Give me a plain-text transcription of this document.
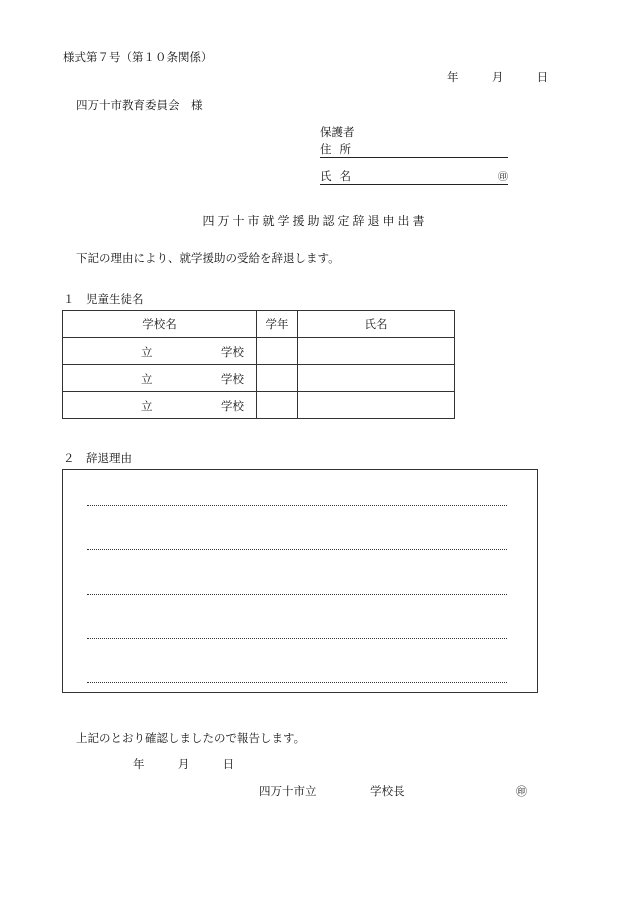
様式第７号（第１０条関係）
年	月	日
四万十市教育委員会　様
保護者
住所
氏名	㊞
四万十市就学援助認定辞退申出書
下記の理由により、就学援助の受給を辞退します。
１　児童生徒名
学校名	学年	氏名

立 学校		

立 学校		

立 学校		

２　辞退理由
上記のとおり確認しましたので報告します。
年	月	日
四万十市立	学校長	㊞
